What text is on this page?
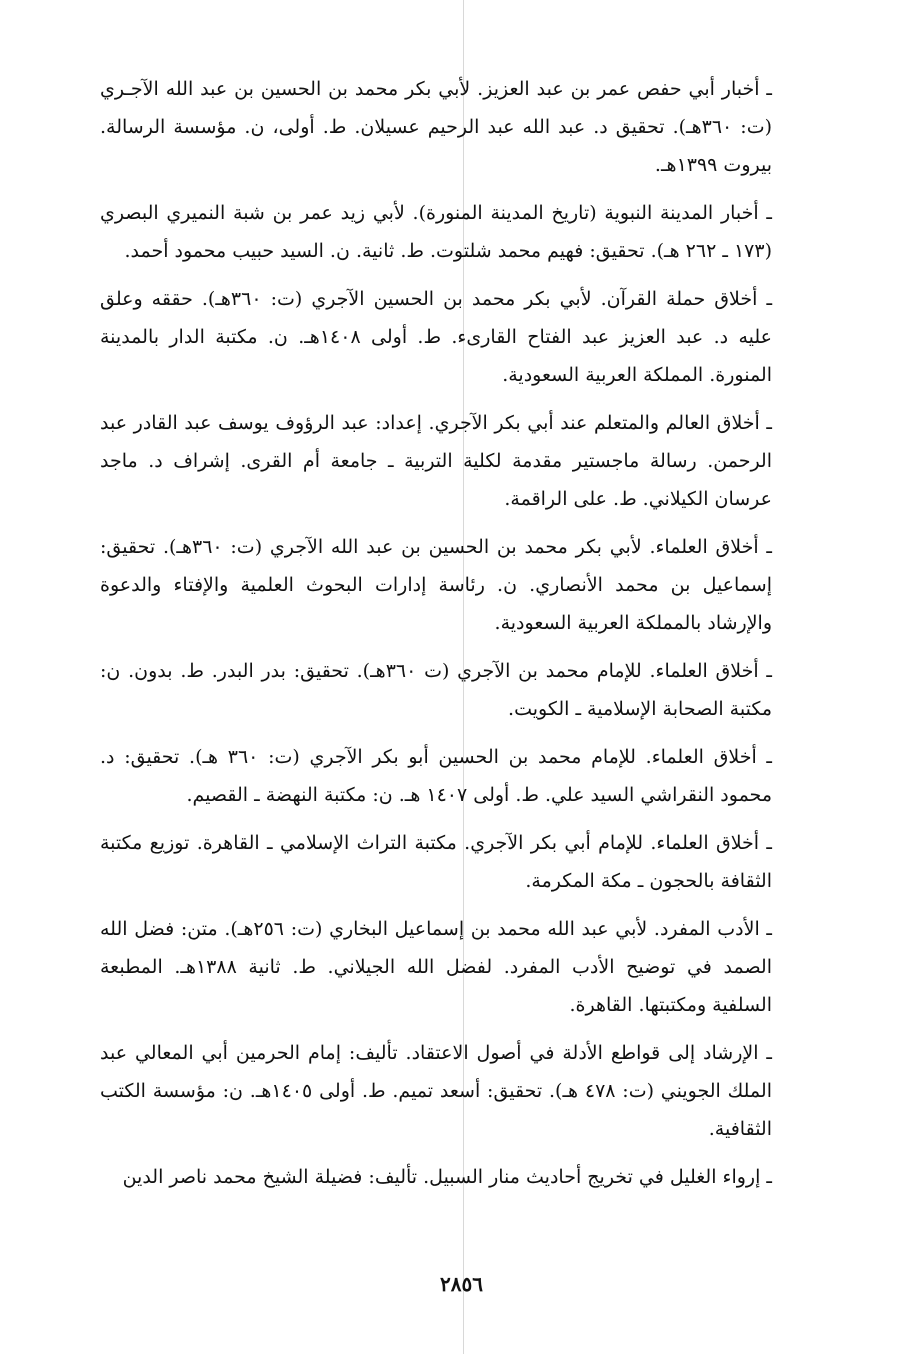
ـ أخبار أبي حفص عمر بن عبد العزيز. لأبي بكر محمد بن الحسين بن عبد الله الآجـري (ت: ٣٦٠هـ). تحقيق د. عبد الله عبد الرحيم عسيلان. ط. أولى، ن. مؤسسة الرسالة. بيروت ١٣٩٩هـ.

ـ أخبار المدينة النبوية (تاريخ المدينة المنورة). لأبي زيد عمر بن شبة النميري البصري (١٧٣ ـ ٢٦٢ هـ). تحقيق: فهيم محمد شلتوت. ط. ثانية. ن. السيد حبيب محمود أحمد.

ـ أخلاق حملة القرآن. لأبي بكر محمد بن الحسين الآجري (ت: ٣٦٠هـ). حققه وعلق عليه د. عبد العزيز عبد الفتاح القارىء. ط. أولى ١٤٠٨هـ. ن. مكتبة الدار بالمدينة المنورة. المملكة العربية السعودية.

ـ أخلاق العالم والمتعلم عند أبي بكر الآجري. إعداد: عبد الرؤوف يوسف عبد القادر عبد الرحمن. رسالة ماجستير مقدمة لكلية التربية ـ جامعة أم القرى. إشراف د. ماجد عرسان الكيلاني. ط. على الراقمة.

ـ أخلاق العلماء. لأبي بكر محمد بن الحسين بن عبد الله الآجري (ت: ٣٦٠هـ). تحقيق: إسماعيل بن محمد الأنصاري. ن. رئاسة إدارات البحوث العلمية والإفتاء والدعوة والإرشاد بالمملكة العربية السعودية.

ـ أخلاق العلماء. للإمام محمد بن الآجري (ت ٣٦٠هـ). تحقيق: بدر البدر. ط. بدون. ن: مكتبة الصحابة الإسلامية ـ الكويت.

ـ أخلاق العلماء. للإمام محمد بن الحسين أبو بكر الآجري (ت: ٣٦٠ هـ). تحقيق: د. محمود النقراشي السيد علي. ط. أولى ١٤٠٧ هـ. ن: مكتبة النهضة ـ القصيم.

ـ أخلاق العلماء. للإمام أبي بكر الآجري. مكتبة التراث الإسلامي ـ القاهرة. توزيع مكتبة الثقافة بالحجون ـ مكة المكرمة.

ـ الأدب المفرد. لأبي عبد الله محمد بن إسماعيل البخاري (ت: ٢٥٦هـ). متن: فضل الله الصمد في توضيح الأدب المفرد. لفضل الله الجيلاني. ط. ثانية ١٣٨٨هـ. المطبعة السلفية ومكتبتها. القاهرة.

ـ الإرشاد إلى قواطع الأدلة في أصول الاعتقاد. تأليف: إمام الحرمين أبي المعالي عبد الملك الجويني (ت: ٤٧٨ هـ). تحقيق: أسعد تميم. ط. أولى ١٤٠٥هـ. ن: مؤسسة الكتب الثقافية.

ـ إرواء الغليل في تخريج أحاديث منار السبيل. تأليف: فضيلة الشيخ محمد ناصر الدين

٢٨٥٦
